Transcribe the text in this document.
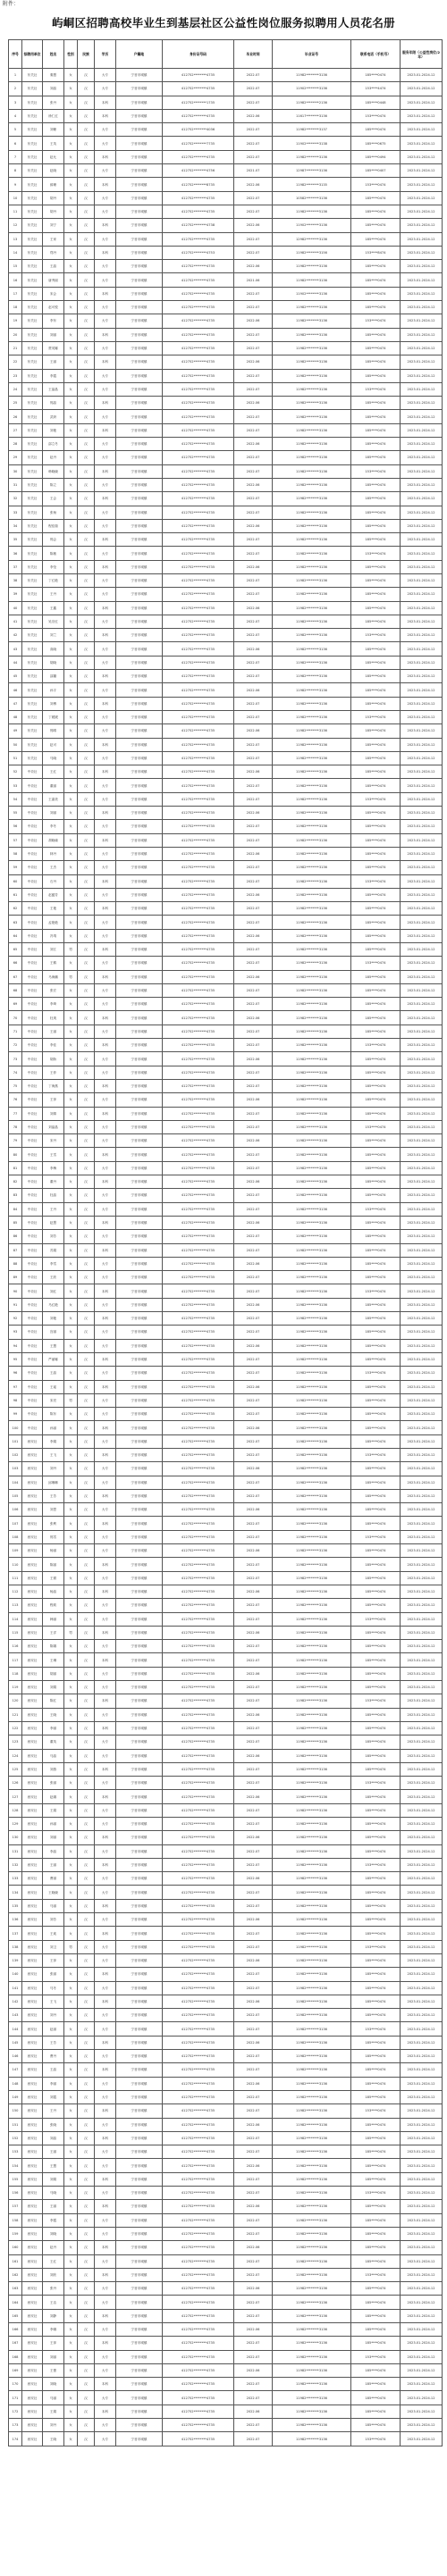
附件：
屿峒区招聘高校毕业生到基层社区公益性岗位服务拟聘用人员花名册
序号	拟聘用单位	姓名	性别	民族	学历	户籍地	身份证号码	毕业时间	毕业证号	联系电话（手机号）	服务年限（公益性岗位/2年）
1	东关社	秦慧	女	汉	大专	宁晋市城镇	412752********4735	2022.07	11982********3136	185****0474	2023.01-2024.12
2	东关社	刘晶	女	汉	大专	宁晋市城镇	412752********4735	2022.07	11902********3136	153****4474	2023.01-2024.12
3	东关社	张丹	女	汉	本科	宁晋市城镇	412752********1735	2022.07	11982********2136	185****0448	2023.01-2024.12
4	东关社	徐仁红	女	汉	本科	宁晋市城镇	412752********4735	2022.06	11617********3136	153****0474	2023.01-2024.12
5	东关社	刘姗	女	汉	大专	宁晋市城镇	412752********4036	2022.07	11982********3137	185****0474	2023.01-2024.12
6	东关社	王英	女	汉	大专	宁晋市城镇	412752********7735	2022.07	11902********3138	185****0675	2023.01-2024.12
7	东关社	赵允	女	汉	本科	宁晋市城镇	412752********4735	2022.07	11982********3136	185****0494	2023.01-2024.12
8	东关社	赵晓	女	汉	大专	宁晋市城镇	412752********4756	2021.07	12987********3136	185****0407	2023.01-2024.12
9	东关社	薛珊	女	汉	本科	宁晋市城镇	412752********8735	2022.06	11982********3135	153****0474	2023.01-2024.12
10	东关社	胡丹	女	汉	大专	宁晋市城镇	412752********4735	2022.07	10582********3136	185****0474	2023.01-2024.12
11	东关社	胡丹	女	汉	大专	宁晋市城镇	412752********4735	2022.07	11982********5136	185****0474	2023.01-2024.12
12	东关社	刘宁	女	汉	本科	宁晋市城镇	412752********4738	2022.06	11902********3136	185****0474	2023.01-2024.12
13	东关社	王家	女	汉	大专	宁晋市城镇	412752********4735	2022.07	12982********3136	185****0474	2023.01-2024.12
14	东关社	郑丹	女	汉	本科	宁晋市城镇	412752********4753	2022.07	11982********3156	153****8474	2023.01-2024.12
15	东关社	王晶	女	汉	大专	宁晋市城镇	412752********4735	2022.06	11982********3136	185****0474	2023.01-2024.12
16	东关社	唐秀丽	女	汉	大专	宁晋市城镇	412752********4735	2021.06	11982********3136	185****0474	2023.01-2024.12
17	东关社	宋会	女	汉	本科	宁晋市城镇	412752********4735	2022.07	11902********3136	185****0474	2023.01-2024.12
18	东关社	赵可悦	女	汉	大专	宁晋市城镇	412752********4735	2022.07	11982********3136	185****0474	2023.01-2024.12
19	东关社	李东	女	汉	大专	宁晋市城镇	412752********4735	2022.06	11982********3136	153****0474	2023.01-2024.12
20	东关社	刘丽	女	汉	本科	宁晋市城镇	412752********4735	2022.07	11982********3136	185****0474	2023.01-2024.12
21	东关社	贾英娜	女	汉	大专	宁晋市城镇	412752********4735	2022.07	11982********3136	185****0474	2023.01-2024.12
22	东关社	王丽	女	汉	本科	宁晋市城镇	412752********4735	2022.06	11982********3136	185****0474	2023.01-2024.12
23	东关社	李霞	女	汉	大专	宁晋市城镇	412752********4735	2022.07	11982********3136	185****0474	2023.01-2024.12
24	东关社	王晶晶	女	汉	大专	宁晋市城镇	412752********4735	2022.07	11982********3136	153****0474	2023.01-2024.12
25	东关社	郭晶	女	汉	本科	宁晋市城镇	412752********4735	2022.06	11982********3136	185****0474	2023.01-2024.12
26	东关社	武妍	女	汉	大专	宁晋市城镇	412752********4735	2022.07	11982********3136	185****0474	2023.01-2024.12
27	东关社	刘艳	女	汉	本科	宁晋市城镇	412752********4735	2022.07	11982********3136	185****0474	2023.01-2024.12
28	东关社	邵立冬	女	汉	大专	宁晋市城镇	412752********4735	2022.06	11982********3136	185****0474	2023.01-2024.12
29	东关社	赵丹	女	汉	大专	宁晋市城镇	412752********4735	2022.07	11982********3136	185****0474	2023.01-2024.12
30	东关社	韩晓晓	女	汉	本科	宁晋市城镇	412752********4735	2022.07	11982********3136	153****0474	2023.01-2024.12
31	东关社	陈立	女	汉	大专	宁晋市城镇	412752********4735	2022.06	11982********3136	185****0474	2023.01-2024.12
32	东关社	王会	女	汉	本科	宁晋市城镇	412752********4735	2022.07	11982********3136	185****0474	2023.01-2024.12
33	东关社	张杨	女	汉	大专	宁晋市城镇	412752********4735	2022.07	11982********3136	185****0474	2023.01-2024.12
34	东关社	程佳瑞	女	汉	大专	宁晋市城镇	412752********4735	2022.06	11982********3136	185****0474	2023.01-2024.12
35	东关社	郭会	女	汉	本科	宁晋市城镇	412752********4735	2022.07	11982********3136	185****0474	2023.01-2024.12
36	东关社	陈敏	女	汉	大专	宁晋市城镇	412752********4735	2022.07	11982********3136	153****0474	2023.01-2024.12
37	东关社	李莹	女	汉	本科	宁晋市城镇	412752********4735	2022.06	11982********3136	185****0474	2023.01-2024.12
38	东关社	丁红艳	女	汉	大专	宁晋市城镇	412752********4735	2022.07	11982********3136	185****0474	2023.01-2024.12
39	东关社	王丹	女	汉	大专	宁晋市城镇	412752********4735	2022.07	11982********3136	185****0474	2023.01-2024.12
40	东关社	王鑫	女	汉	本科	宁晋市城镇	412752********4735	2022.06	11982********3136	185****0474	2023.01-2024.12
41	东关社	吴宗红	女	汉	大专	宁晋市城镇	412752********4735	2022.07	11982********3136	185****0474	2023.01-2024.12
42	东关社	刘兰	女	汉	本科	宁晋市城镇	412752********4735	2022.07	11982********3136	153****0474	2023.01-2024.12
43	东关社	高晓	女	汉	大专	宁晋市城镇	412752********4735	2022.06	11982********3136	185****0474	2023.01-2024.12
44	东关社	胡晓	女	汉	大专	宁晋市城镇	412752********4735	2022.07	11982********3136	185****0474	2023.01-2024.12
45	东关社	邵璐	女	汉	本科	宁晋市城镇	412752********4735	2022.07	11982********3136	185****0474	2023.01-2024.12
46	东关社	孙宇	女	汉	大专	宁晋市城镇	412752********4735	2022.06	11982********3136	185****0474	2023.01-2024.12
47	东关社	刘博	女	汉	本科	宁晋市城镇	412752********4735	2022.07	11982********3136	185****0474	2023.01-2024.12
48	东关社	丁媛媛	女	汉	大专	宁晋市城镇	412752********4735	2022.07	11982********3136	153****0474	2023.01-2024.12
49	东关社	郭晴	女	汉	大专	宁晋市城镇	412752********4735	2022.06	11982********3136	185****0474	2023.01-2024.12
50	东关社	赵可	女	汉	本科	宁晋市城镇	412752********4735	2022.07	11982********3136	185****0474	2023.01-2024.12
51	东关社	马晓	女	汉	大专	宁晋市城镇	412752********4735	2022.07	11982********3136	185****0474	2023.01-2024.12
52	中央社	王红	女	汉	本科	宁晋市城镇	412752********4735	2022.06	11982********3136	185****0474	2023.01-2024.12
53	中央社	董丽	女	汉	大专	宁晋市城镇	412752********4735	2022.07	11982********3136	185****0474	2023.01-2024.12
54	中央社	王嘉美	女	汉	大专	宁晋市城镇	412752********4735	2022.07	11982********3136	153****0474	2023.01-2024.12
55	中央社	刘丽	女	汉	本科	宁晋市城镇	412752********4735	2022.06	11982********3136	185****0474	2023.01-2024.12
56	中央社	李冬	女	汉	大专	宁晋市城镇	412752********4735	2022.07	11982********3136	185****0474	2023.01-2024.12
57	中央社	胡晓瑜	女	汉	本科	宁晋市城镇	412752********4735	2022.07	11982********3136	185****0474	2023.01-2024.12
58	中央社	林丹	女	汉	大专	宁晋市城镇	412752********4735	2022.06	11982********3136	185****0474	2023.01-2024.12
59	中央社	王杰	女	汉	大专	宁晋市城镇	412752********4735	2022.07	11982********3136	185****0474	2023.01-2024.12
60	中央社	石丹	女	汉	本科	宁晋市城镇	412752********4735	2022.07	11982********3136	153****0474	2023.01-2024.12
61	中央社	赵蕴芳	女	汉	大专	宁晋市城镇	412752********4735	2022.06	11982********3136	185****0474	2023.01-2024.12
62	中央社	王艳	女	汉	本科	宁晋市城镇	412752********4735	2022.07	11982********3136	185****0474	2023.01-2024.12
63	中央社	孟艳艳	女	汉	大专	宁晋市城镇	412752********4735	2022.07	11982********3136	185****0474	2023.01-2024.12
64	中央社	冯靖	女	汉	大专	宁晋市城镇	412752********4735	2022.06	11982********3136	185****0474	2023.01-2024.12
65	中央社	刘江	男	汉	本科	宁晋市城镇	412752********4735	2022.07	11982********3136	185****0474	2023.01-2024.12
66	中央社	王鹤	女	汉	大专	宁晋市城镇	412752********4735	2022.07	11982********3136	153****0474	2023.01-2024.12
67	中央社	马海鹏	男	汉	本科	宁晋市城镇	412752********4735	2022.06	11982********3136	185****0474	2023.01-2024.12
68	中央社	张宏	女	汉	大专	宁晋市城镇	412752********4735	2022.07	11982********3136	185****0474	2023.01-2024.12
69	中央社	李琦	女	汉	大专	宁晋市城镇	412752********4735	2022.07	11982********3136	185****0474	2023.01-2024.12
70	中央社	杜爽	女	汉	本科	宁晋市城镇	412752********4735	2022.06	11982********3136	185****0474	2023.01-2024.12
71	中央社	王丽	女	汉	大专	宁晋市城镇	412752********4735	2022.07	11982********3136	185****0474	2023.01-2024.12
72	中央社	李佳	女	汉	本科	宁晋市城镇	412752********4735	2022.07	11982********3136	153****0474	2023.01-2024.12
73	中央社	胡娇	女	汉	大专	宁晋市城镇	412752********4735	2022.06	11982********3136	185****0474	2023.01-2024.12
74	中央社	王菲	女	汉	大专	宁晋市城镇	412752********4735	2022.07	11982********3136	185****0474	2023.01-2024.12
75	中央社	丁海燕	女	汉	本科	宁晋市城镇	412752********4735	2022.07	11982********3136	185****0474	2023.01-2024.12
76	中央社	王萍	女	汉	大专	宁晋市城镇	412752********4735	2022.06	11982********3136	185****0474	2023.01-2024.12
77	中央社	刘婧	女	汉	本科	宁晋市城镇	412752********4735	2022.07	11982********3136	185****0474	2023.01-2024.12
78	中央社	刘晶晶	女	汉	大专	宁晋市城镇	412752********4735	2022.07	11982********3136	153****0474	2023.01-2024.12
79	中央社	宋丹	女	汉	大专	宁晋市城镇	412752********4735	2022.06	11982********3136	185****0474	2023.01-2024.12
80	中央社	王雪	女	汉	本科	宁晋市城镇	412752********4735	2022.07	11982********3136	185****0474	2023.01-2024.12
81	中央社	李梅	女	汉	大专	宁晋市城镇	412752********4735	2022.07	11982********3136	185****0474	2023.01-2024.12
82	中央社	董丹	女	汉	本科	宁晋市城镇	412752********4735	2022.06	11982********3136	185****0474	2023.01-2024.12
83	中央社	杜晶	女	汉	大专	宁晋市城镇	412752********4735	2022.07	11982********3136	185****0474	2023.01-2024.12
84	中央社	王丹	女	汉	大专	宁晋市城镇	412752********4735	2022.07	11982********3136	153****0474	2023.01-2024.12
85	中央社	赵慧	女	汉	本科	宁晋市城镇	412752********4735	2022.06	11982********3136	185****0474	2023.01-2024.12
86	中央社	刘芳	女	汉	大专	宁晋市城镇	412752********4735	2022.07	11982********3136	185****0474	2023.01-2024.12
87	中央社	苏娟	女	汉	本科	宁晋市城镇	412752********4735	2022.07	11982********3136	185****0474	2023.01-2024.12
88	中央社	李雪	女	汉	大专	宁晋市城镇	412752********4735	2022.06	11982********3136	185****0474	2023.01-2024.12
89	中央社	王欣	女	汉	大专	宁晋市城镇	412752********4735	2022.07	11982********3136	185****0474	2023.01-2024.12
90	中央社	刘红	女	汉	本科	宁晋市城镇	412752********4735	2022.07	11982********3136	153****0474	2023.01-2024.12
91	中央社	马红艳	女	汉	大专	宁晋市城镇	412752********4735	2022.06	11982********3136	185****0474	2023.01-2024.12
92	中央社	刘艳	女	汉	本科	宁晋市城镇	412752********4735	2022.07	11982********3136	185****0474	2023.01-2024.12
93	中央社	宫丽	女	汉	大专	宁晋市城镇	412752********4735	2022.07	11982********3136	185****0474	2023.01-2024.12
94	中央社	王慧	女	汉	大专	宁晋市城镇	412752********4735	2022.06	11982********3136	185****0474	2023.01-2024.12
95	中央社	严丽娜	女	汉	本科	宁晋市城镇	412752********4735	2022.07	11982********3136	185****0474	2023.01-2024.12
96	中央社	王晶	女	汉	大专	宁晋市城镇	412752********4735	2022.07	11982********3136	153****0474	2023.01-2024.12
97	中央社	王瑶	女	汉	本科	宁晋市城镇	412752********4735	2022.06	11982********3136	185****0474	2023.01-2024.12
98	中央社	宋亮	男	汉	大专	宁晋市城镇	412752********4735	2022.07	11982********3136	185****0474	2023.01-2024.12
99	中央社	陈东	女	汉	大专	宁晋市城镇	412752********4735	2022.07	11982********3136	185****0474	2023.01-2024.12
100	中央社	孙丽	女	汉	本科	宁晋市城镇	412752********4735	2022.06	11982********3136	185****0474	2023.01-2024.12
101	西安社	李娟	女	汉	大专	宁晋市城镇	412752********4735	2022.07	11982********3136	185****0474	2023.01-2024.12
102	西安社	王飞	女	汉	本科	宁晋市城镇	412752********4735	2022.07	11982********3136	153****0474	2023.01-2024.12
103	西安社	刘丹	女	汉	大专	宁晋市城镇	412752********4735	2022.06	11982********3136	185****0474	2023.01-2024.12
104	西安社	邱琳琳	女	汉	大专	宁晋市城镇	412752********4735	2022.07	11982********3136	185****0474	2023.01-2024.12
105	西安社	王芳	女	汉	本科	宁晋市城镇	412752********4735	2022.07	11982********3136	185****0474	2023.01-2024.12
106	西安社	刘思	女	汉	大专	宁晋市城镇	412752********4735	2022.06	11982********3136	185****0474	2023.01-2024.12
107	西安社	张利	女	汉	本科	宁晋市城镇	412752********4735	2022.07	11982********3136	185****0474	2023.01-2024.12
108	西安社	郭雪	女	汉	大专	宁晋市城镇	412752********4735	2022.07	11982********3136	153****0474	2023.01-2024.12
109	西安社	杨丽	女	汉	大专	宁晋市城镇	412752********4735	2022.06	11982********3136	185****0474	2023.01-2024.12
110	西安社	陈丽	女	汉	本科	宁晋市城镇	412752********4735	2022.07	11982********3136	185****0474	2023.01-2024.12
111	西安社	王微	女	汉	大专	宁晋市城镇	412752********4735	2022.07	11982********3136	185****0474	2023.01-2024.12
112	西安社	杨晶	女	汉	本科	宁晋市城镇	412752********4735	2022.06	11982********3136	185****0474	2023.01-2024.12
113	西安社	程莉	女	汉	大专	宁晋市城镇	412752********4735	2022.07	11982********3136	185****0474	2023.01-2024.12
114	西安社	韩丽	女	汉	大专	宁晋市城镇	412752********4735	2022.07	11982********3136	153****0474	2023.01-2024.12
115	西安社	王洋	男	汉	本科	宁晋市城镇	412752********4735	2022.06	11982********3136	185****0474	2023.01-2024.12
116	西安社	陈娜	女	汉	大专	宁晋市城镇	412752********4735	2022.07	11982********3136	185****0474	2023.01-2024.12
117	西安社	王琳	女	汉	本科	宁晋市城镇	412752********4735	2022.07	11982********3136	185****0474	2023.01-2024.12
118	西安社	胡丽	女	汉	大专	宁晋市城镇	412752********4735	2022.06	11982********3136	185****0474	2023.01-2024.12
119	西安社	刘娟	女	汉	大专	宁晋市城镇	412752********4735	2022.07	11982********3136	185****0474	2023.01-2024.12
120	西安社	陈红	女	汉	本科	宁晋市城镇	412752********4735	2022.07	11982********3136	153****0474	2023.01-2024.12
121	西安社	王晓	女	汉	大专	宁晋市城镇	412752********4735	2022.06	11982********3136	185****0474	2023.01-2024.12
122	西安社	李丽	女	汉	本科	宁晋市城镇	412752********4735	2022.07	11982********3136	185****0474	2023.01-2024.12
123	西安社	董英	女	汉	大专	宁晋市城镇	412752********4735	2022.07	11982********3136	185****0474	2023.01-2024.12
124	西安社	马晶	女	汉	大专	宁晋市城镇	412752********4735	2022.06	11982********3136	185****0474	2023.01-2024.12
125	西安社	刘燕	女	汉	本科	宁晋市城镇	412752********4735	2022.07	11982********3136	185****0474	2023.01-2024.12
126	西安社	张丽	女	汉	大专	宁晋市城镇	412752********4735	2022.07	11982********3136	153****0474	2023.01-2024.12
127	西安社	赵娜	女	汉	本科	宁晋市城镇	412752********4735	2022.06	11982********3136	185****0474	2023.01-2024.12
128	西安社	王娟	女	汉	大专	宁晋市城镇	412752********4735	2022.07	11982********3136	185****0474	2023.01-2024.12
129	西安社	孙丽	女	汉	大专	宁晋市城镇	412752********4735	2022.07	11982********3136	185****0474	2023.01-2024.12
130	西安社	刘丽	女	汉	本科	宁晋市城镇	412752********4735	2022.06	11982********3136	185****0474	2023.01-2024.12
131	西安社	李晶	女	汉	大专	宁晋市城镇	412752********4735	2022.07	11982********3136	185****0474	2023.01-2024.12
132	西安社	王丽	女	汉	本科	宁晋市城镇	412752********4735	2022.07	11982********3136	153****0474	2023.01-2024.12
133	西安社	曹丽	女	汉	大专	宁晋市城镇	412752********4735	2022.06	11982********3136	185****0474	2023.01-2024.12
134	西安社	王晓晓	女	汉	大专	宁晋市城镇	412752********4735	2022.07	11982********3136	185****0474	2023.01-2024.12
135	西安社	马丽	女	汉	本科	宁晋市城镇	412752********4735	2022.07	11982********3136	185****0474	2023.01-2024.12
136	西安社	刘芳	女	汉	大专	宁晋市城镇	412752********4735	2022.06	11982********3136	185****0474	2023.01-2024.12
137	西安社	王欢	女	汉	本科	宁晋市城镇	412752********4735	2022.07	11982********3136	185****0474	2023.01-2024.12
138	西安社	刘卫	男	汉	大专	宁晋市城镇	412752********4735	2022.07	11982********3136	153****0474	2023.01-2024.12
139	西安社	王萍	女	汉	大专	宁晋市城镇	412752********4735	2022.06	11982********3136	185****0474	2023.01-2024.12
140	西安社	张丽	女	汉	本科	宁晋市城镇	412752********4735	2022.07	11982********3136	185****0474	2023.01-2024.12
141	西安社	马冬	女	汉	大专	宁晋市城镇	412752********4735	2022.07	11982********3136	185****0474	2023.01-2024.12
142	西安社	王飞	女	汉	本科	宁晋市城镇	412752********4735	2022.06	11982********3136	185****0474	2023.01-2024.12
143	西安社	刘丹	女	汉	大专	宁晋市城镇	412752********4735	2022.07	11982********3136	185****0474	2023.01-2024.12
144	西安社	赵丽	女	汉	大专	宁晋市城镇	412752********4735	2022.07	11982********3136	153****0474	2023.01-2024.12
145	西安社	王芳	女	汉	本科	宁晋市城镇	412752********4735	2022.06	11982********3136	185****0474	2023.01-2024.12
146	西安社	曹丹	女	汉	大专	宁晋市城镇	412752********4735	2022.07	11982********3136	185****0474	2023.01-2024.12
147	西安社	王晶	女	汉	本科	宁晋市城镇	412752********4735	2022.07	11982********3136	185****0474	2023.01-2024.12
148	西安社	李丽	女	汉	大专	宁晋市城镇	412752********4735	2022.06	11982********3136	185****0474	2023.01-2024.12
149	西安社	刘霞	女	汉	大专	宁晋市城镇	412752********4735	2022.07	11982********3136	185****0474	2023.01-2024.12
150	西安社	王丹	女	汉	本科	宁晋市城镇	412752********4735	2022.07	11982********3136	153****0474	2023.01-2024.12
151	西安社	张晓	女	汉	大专	宁晋市城镇	412752********4735	2022.06	11982********3136	185****0474	2023.01-2024.12
152	西安社	刘晶	女	汉	本科	宁晋市城镇	412752********4735	2022.07	11982********3136	185****0474	2023.01-2024.12
153	西安社	王丽	女	汉	大专	宁晋市城镇	412752********4735	2022.07	11982********3136	185****0474	2023.01-2024.12
154	西安社	王慧	女	汉	大专	宁晋市城镇	412752********4735	2022.06	11982********3136	185****0474	2023.01-2024.12
155	西安社	刘娟	女	汉	本科	宁晋市城镇	412752********4735	2022.07	11982********3136	185****0474	2023.01-2024.12
156	西安社	马晓	女	汉	大专	宁晋市城镇	412752********4735	2022.07	11982********3136	153****0474	2023.01-2024.12
157	西安社	王丽	女	汉	本科	宁晋市城镇	412752********4735	2022.06	11982********3136	185****0474	2023.01-2024.12
158	西安社	李霞	女	汉	大专	宁晋市城镇	412752********4735	2022.07	11982********3136	185****0474	2023.01-2024.12
159	西安社	刘晓	女	汉	大专	宁晋市城镇	412752********4735	2022.07	11982********3136	185****0474	2023.01-2024.12
160	西安社	赵丹	女	汉	本科	宁晋市城镇	412752********4735	2022.06	11982********3136	185****0474	2023.01-2024.12
161	西安社	王红	女	汉	大专	宁晋市城镇	412752********4735	2022.07	11982********3136	185****0474	2023.01-2024.12
162	西安社	刘欣	女	汉	本科	宁晋市城镇	412752********4735	2022.07	11982********3136	153****0474	2023.01-2024.12
163	西安社	张丹	女	汉	大专	宁晋市城镇	412752********4735	2022.06	11982********3136	185****0474	2023.01-2024.12
164	西安社	王洁	女	汉	大专	宁晋市城镇	412752********4735	2022.07	11982********3136	185****0474	2023.01-2024.12
165	西安社	刘静	女	汉	本科	宁晋市城镇	412752********4735	2022.07	11982********3136	185****0474	2023.01-2024.12
166	西安社	李娜	女	汉	大专	宁晋市城镇	412752********4735	2022.06	11982********3136	185****0474	2023.01-2024.12
167	西安社	王萍	女	汉	本科	宁晋市城镇	412752********4735	2022.07	11982********3136	185****0474	2023.01-2024.12
168	西安社	刘丽	女	汉	大专	宁晋市城镇	412752********4735	2022.07	11982********3136	153****0474	2023.01-2024.12
169	西安社	王蕾	女	汉	大专	宁晋市城镇	412752********4735	2022.06	11982********3136	185****0474	2023.01-2024.12
170	西安社	刘晓	女	汉	本科	宁晋市城镇	412752********4735	2022.07	11982********3136	185****0474	2023.01-2024.12
171	西安社	马丽	女	汉	大专	宁晋市城镇	412752********4735	2022.07	11982********3136	185****0474	2023.01-2024.12
172	西安社	王娟	女	汉	本科	宁晋市城镇	412752********4735	2022.06	11982********3136	185****0474	2023.01-2024.12
173	西安社	刘丹	女	汉	大专	宁晋市城镇	412752********4735	2022.07	11982********3136	185****0474	2023.01-2024.12
174	西安社	王晓	女	汉	大专	宁晋市城镇	412752********4735	2022.07	11982********3136	153****0474	2023.01-2024.12
